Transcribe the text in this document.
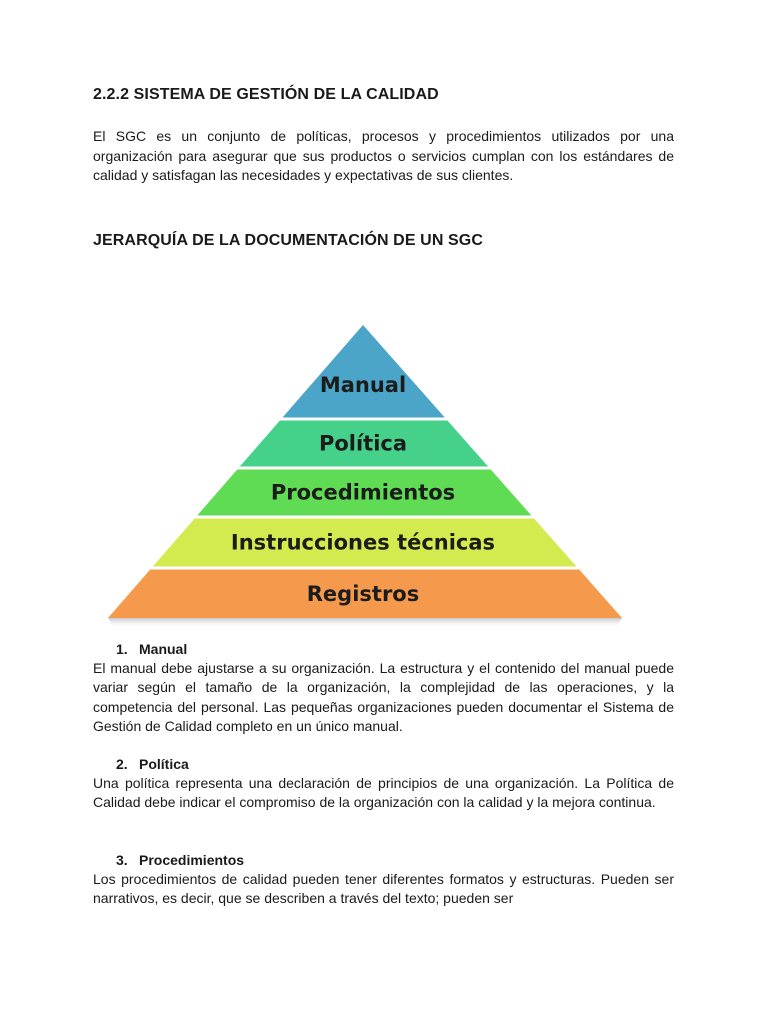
2.2.2 SISTEMA DE GESTIÓN DE LA CALIDAD

El SGC es un conjunto de políticas, procesos y procedimientos utilizados por una organización para asegurar que sus productos o servicios cumplan con los estándares de calidad y satisfagan las necesidades y expectativas de sus clientes.

JERARQUÍA DE LA DOCUMENTACIÓN DE UN SGC
Manual
Política
Procedimientos
Instrucciones técnicas
Registros
1. Manual

El manual debe ajustarse a su organización. La estructura y el contenido del manual puede variar según el tamaño de la organización, la complejidad de las operaciones, y la competencia del personal. Las pequeñas organizaciones pueden documentar el Sistema de Gestión de Calidad completo en un único manual.

2. Política

Una política representa una declaración de principios de una organización. La Política de Calidad debe indicar el compromiso de la organización con la calidad y la mejora continua.

3. Procedimientos

Los procedimientos de calidad pueden tener diferentes formatos y estructuras. Pueden ser narrativos, es decir, que se describen a través del texto; pueden ser
